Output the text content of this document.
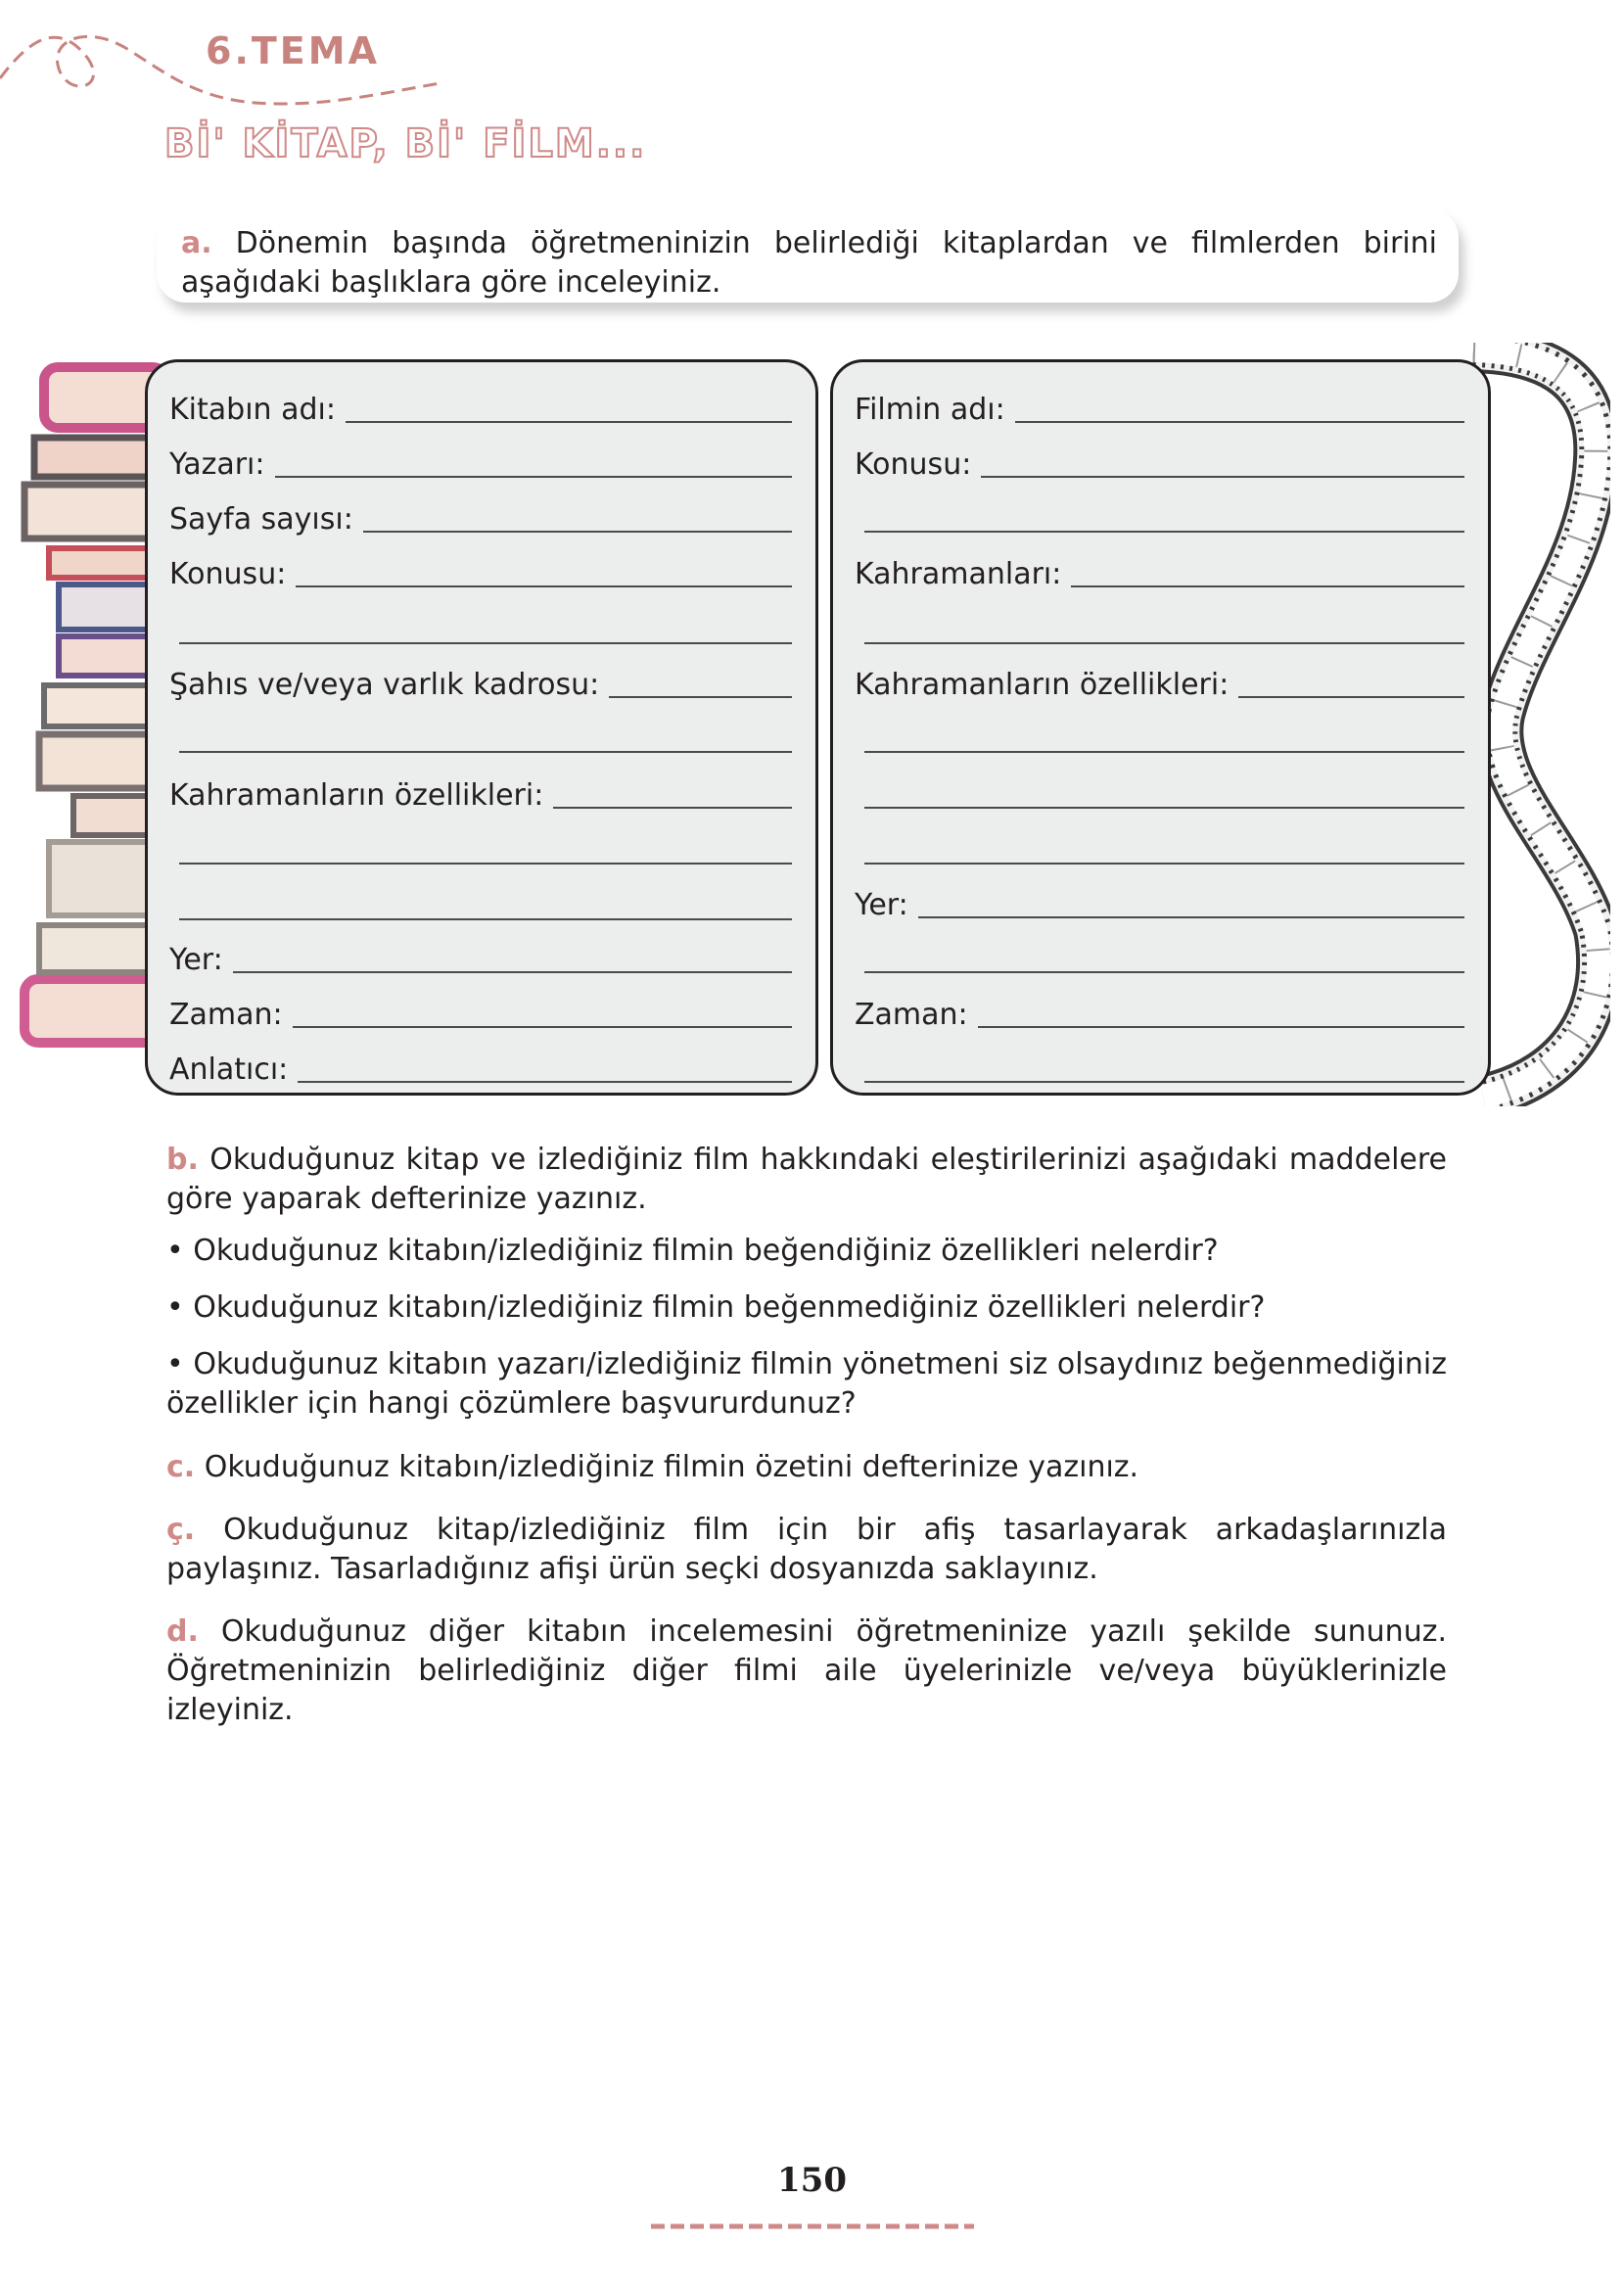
6.TEMA
Bİ' KİTAP, Bİ' FİLM...
a. Dönemin başında öğretmeninizin belirlediği kitaplardan ve filmlerden birini aşağıdaki başlıklara göre inceleyiniz.
Kitabın adı:
Yazarı:
Sayfa sayısı:
Konusu:
Şahıs ve/veya varlık kadrosu:
Kahramanların özellikleri:
Yer:
Zaman:
Anlatıcı:
Filmin adı:
Konusu:
Kahramanları:
Kahramanların özellikleri:
Yer:
Zaman:
b. Okuduğunuz kitap ve izlediğiniz film hakkındaki eleştirilerinizi aşağıdaki maddelere göre yaparak defterinize yazınız.
• Okuduğunuz kitabın/izlediğiniz filmin beğendiğiniz özellikleri nelerdir?
• Okuduğunuz kitabın/izlediğiniz filmin beğenmediğiniz özellikleri nelerdir?
• Okuduğunuz kitabın yazarı/izlediğiniz filmin yönetmeni siz olsaydınız beğenmediğiniz özellikler için hangi çözümlere başvururdunuz?
c. Okuduğunuz kitabın/izlediğiniz filmin özetini defterinize yazınız.
ç. Okuduğunuz kitap/izlediğiniz film için bir afiş tasarlayarak arkadaşlarınızla paylaşınız. Tasarladığınız afişi ürün seçki dosyanızda saklayınız.
d. Okuduğunuz diğer kitabın incelemesini öğretmeninize yazılı şekilde sununuz. Öğretmeninizin belirlediğiniz diğer filmi aile üyelerinizle ve/veya büyüklerinizle izleyiniz.
150
